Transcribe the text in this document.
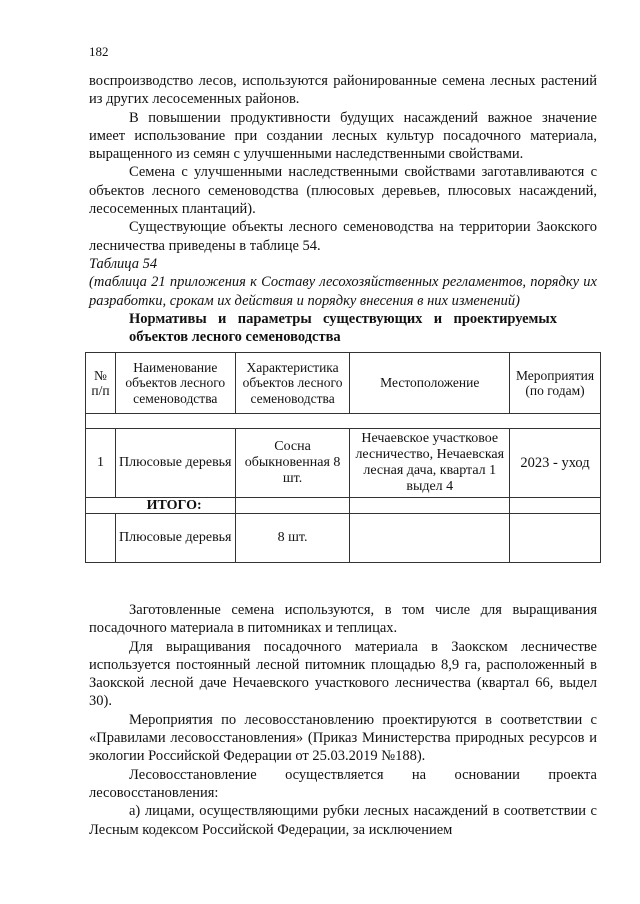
182

воспроизводство лесов, используются районированные семена лесных растений из других лесосеменных районов.

В повышении продуктивности будущих насаждений важное значение имеет использование при создании лесных культур посадочного материала, выращенного из семян с улучшенными наследственными свойствами.

Семена с улучшенными наследственными свойствами заготавливаются с объектов лесного семеноводства (плюсовых деревьев, плюсовых насаждений, лесосеменных плантаций).

Существующие объекты лесного семеноводства на территории Заокского лесничества приведены в таблице 54.

Таблица 54

(таблица 21 приложения к Составу лесохозяйственных регламентов, порядку их разработки, срокам их действия и порядку внесения в них изменений)

Нормативы и параметры существующих и проектируемых объектов лесного семеноводства

№ п/п	Наименование объектов лесного семеноводства	Характеристика объектов лесного семеноводства	Местоположение	Мероприятия (по годам)

1	Плюсовые деревья	Сосна обыкновенная 8 шт.	Нечаевское участковое лесничество, Нечаевская лесная дача, квартал 1 выдел 4	2023 - уход
ИТОГО:				
	Плюсовые деревья	8 шт.		

Заготовленные семена используются, в том числе для выращивания посадочного материала в питомниках и теплицах.

Для выращивания посадочного материала в Заокском лесничестве используется постоянный лесной питомник площадью 8,9 га, расположенный в Заокской лесной даче Нечаевского участкового лесничества (квартал 66, выдел 30).

Мероприятия по лесовосстановлению проектируются в соответствии с «Правилами лесовосстановления» (Приказ Министерства природных ресурсов и экологии Российской Федерации от 25.03.2019 №188).

Лесовосстановление осуществляется на основании проекта лесовосстановления:

а) лицами, осуществляющими рубки лесных насаждений в соответствии с Лесным кодексом Российской Федерации, за исключением
